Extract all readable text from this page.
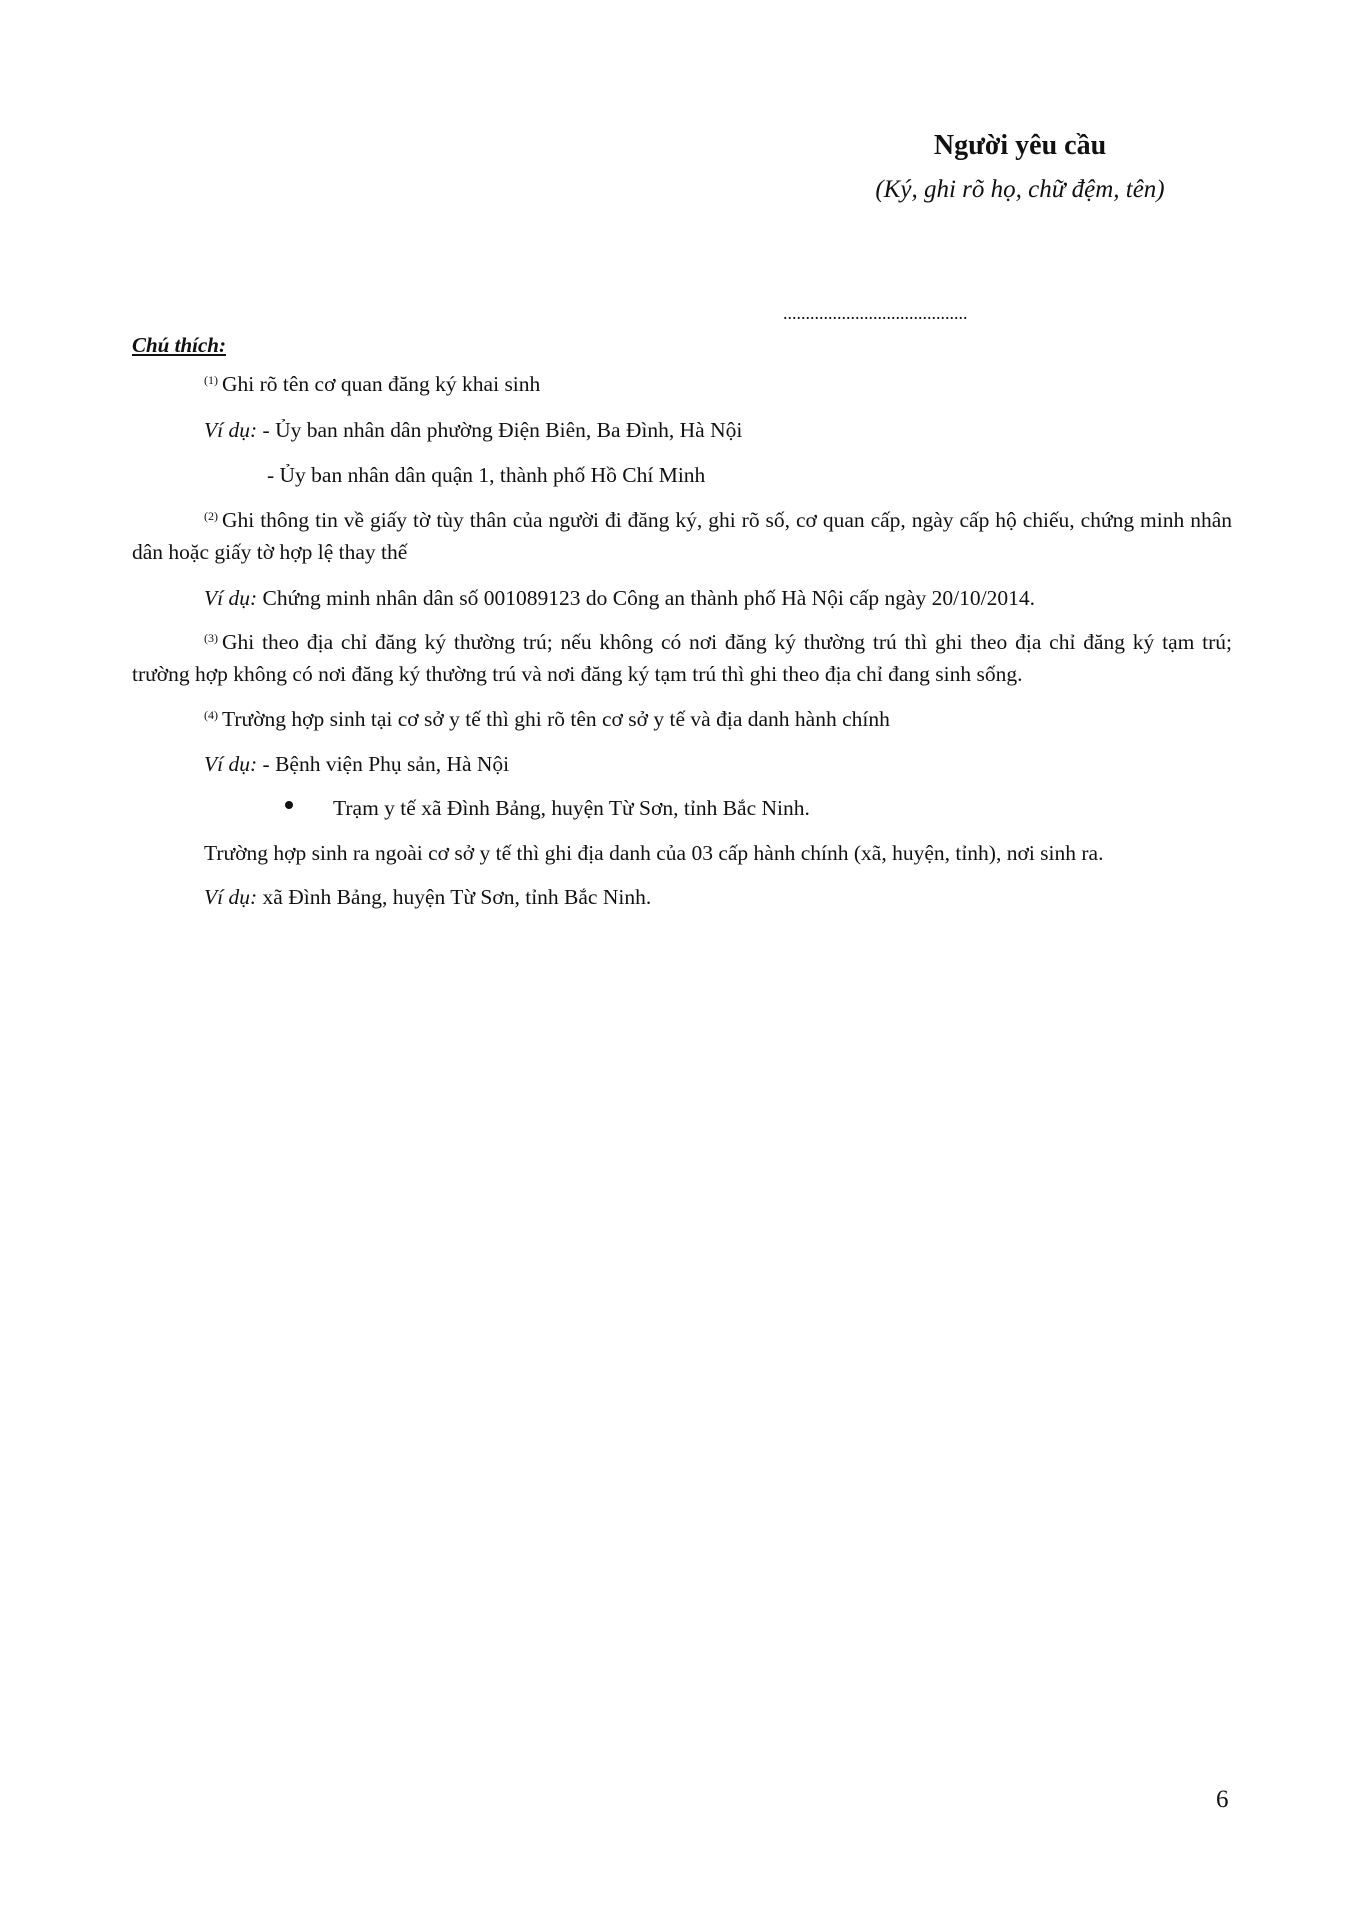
Người yêu cầu
(Ký, ghi rõ họ, chữ đệm, tên)
.........................................
Chú thích:
$^{(1)}$ Ghi rõ tên cơ quan đăng ký khai sinh
Ví dụ: - Ủy ban nhân dân phường Điện Biên, Ba Đình, Hà Nội
- Ủy ban nhân dân quận 1, thành phố Hồ Chí Minh
$^{(2)}$ Ghi thông tin về giấy tờ tùy thân của người đi đăng ký, ghi rõ số, cơ quan cấp, ngày cấp hộ chiếu, chứng minh nhân dân hoặc giấy tờ hợp lệ thay thế
Ví dụ: Chứng minh nhân dân số 001089123 do Công an thành phố Hà Nội cấp ngày 20/10/2014.
$^{(3)}$ Ghi theo địa chỉ đăng ký thường trú; nếu không có nơi đăng ký thường trú thì ghi theo địa chỉ đăng ký tạm trú; trường hợp không có nơi đăng ký thường trú và nơi đăng ký tạm trú thì ghi theo địa chỉ đang sinh sống.
$^{(4)}$ Trường hợp sinh tại cơ sở y tế thì ghi rõ tên cơ sở y tế và địa danh hành chính
Ví dụ: - Bệnh viện Phụ sản, Hà Nội
Trạm y tế xã Đình Bảng, huyện Từ Sơn, tỉnh Bắc Ninh.
Trường hợp sinh ra ngoài cơ sở y tế thì ghi địa danh của 03 cấp hành chính (xã, huyện, tỉnh), nơi sinh ra.
Ví dụ: xã Đình Bảng, huyện Từ Sơn, tỉnh Bắc Ninh.
6
